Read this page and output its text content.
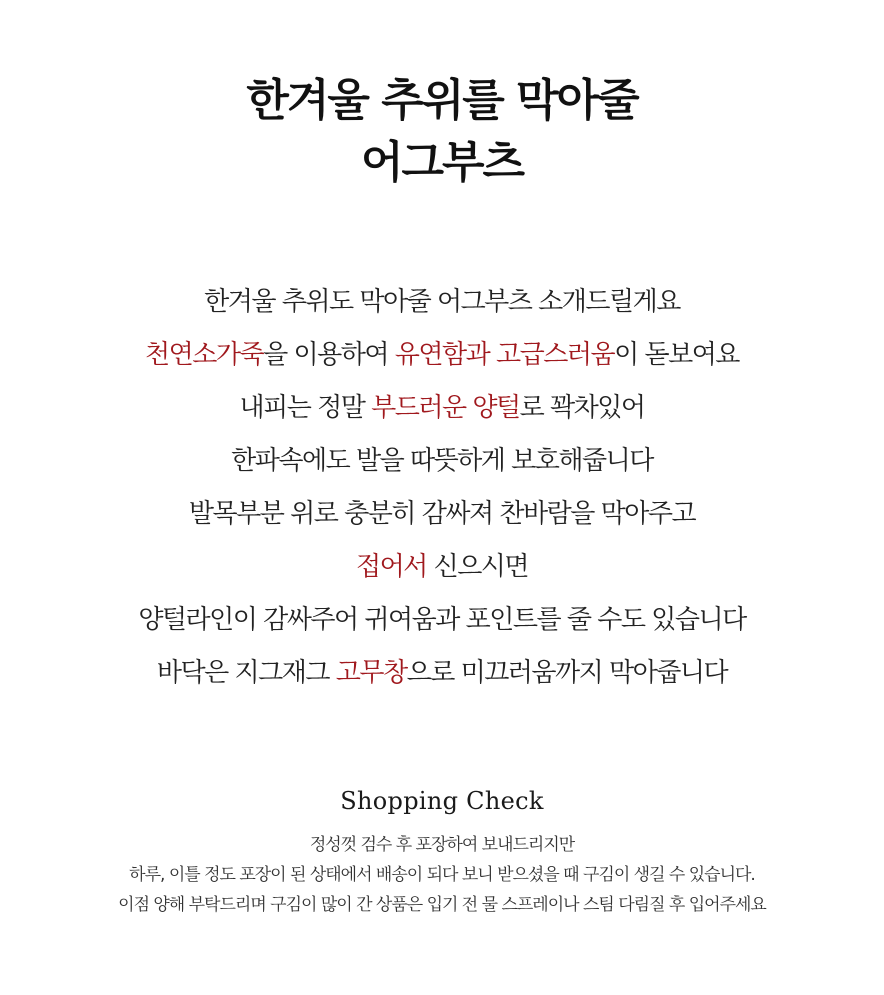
한겨울 추위를 막아줄
어그부츠
한겨울 추위도 막아줄 어그부츠 소개드릴게요
천연소가죽을 이용하여 유연함과 고급스러움이 돋보여요
내피는 정말 부드러운 양털로 꽉차있어
한파속에도 발을 따뜻하게 보호해줍니다
발목부분 위로 충분히 감싸져 찬바람을 막아주고
접어서 신으시면
양털라인이 감싸주어 귀여움과 포인트를 줄 수도 있습니다
바닥은 지그재그 고무창으로 미끄러움까지 막아줍니다
Shopping Check
정성껏 검수 후 포장하여 보내드리지만
하루, 이틀 정도 포장이 된 상태에서 배송이 되다 보니 받으셨을 때 구김이 생길 수 있습니다.
이점 양해 부탁드리며 구김이 많이 간 상품은 입기 전 물 스프레이나 스팀 다림질 후 입어주세요
